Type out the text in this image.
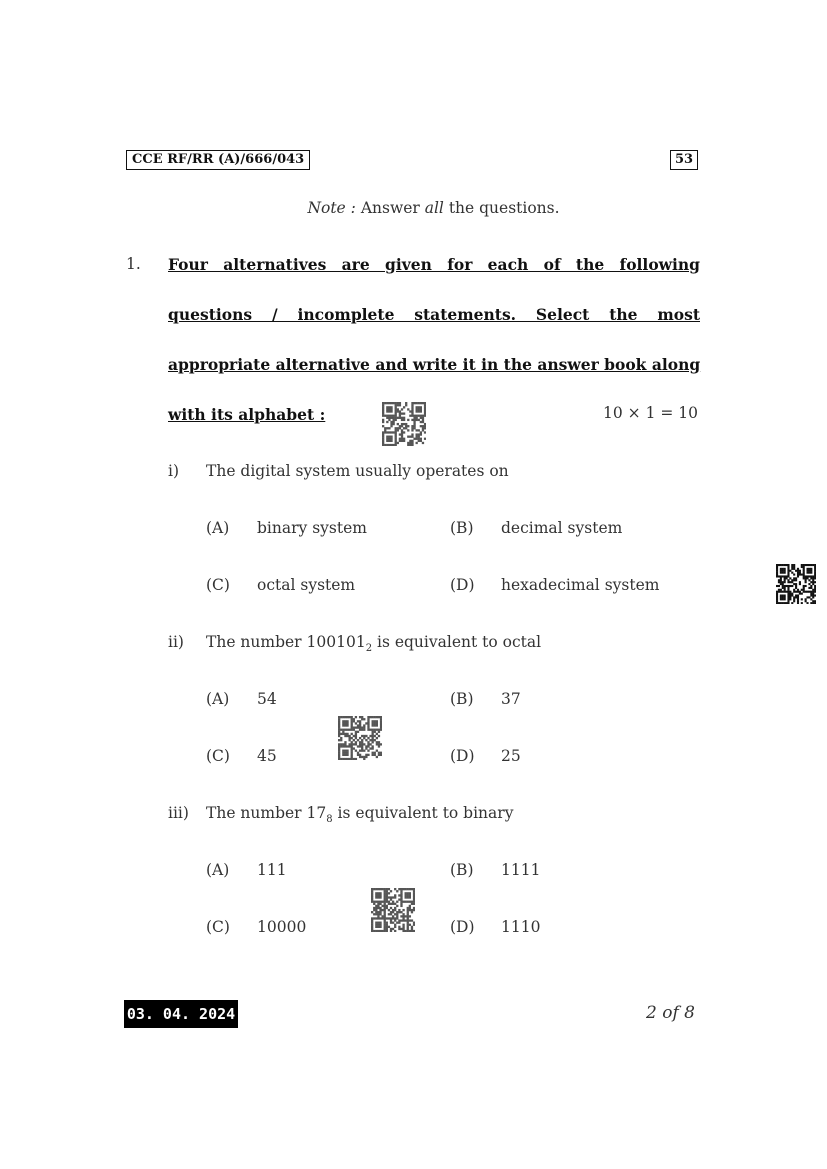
CCE RF/RR (A)/666/043	53
Note : Answer all the questions.
1. Four alternatives are given for each of the following
questions / incomplete statements. Select the most
appropriate alternative and write it in the answer book along
with its alphabet :	10 × 1 = 10
i) The digital system usually operates on
(A) binary system	(B) decimal system
(C) octal system	(D) hexadecimal system
ii) The number $100101_2$ is equivalent to octal
(A) 54	(B) 37
(C) 45	(D) 25
iii) The number $17_8$ is equivalent to binary
(A) 111	(B) 1111
(C) 10000	(D) 1110
03. 04. 2024	2 of 8
